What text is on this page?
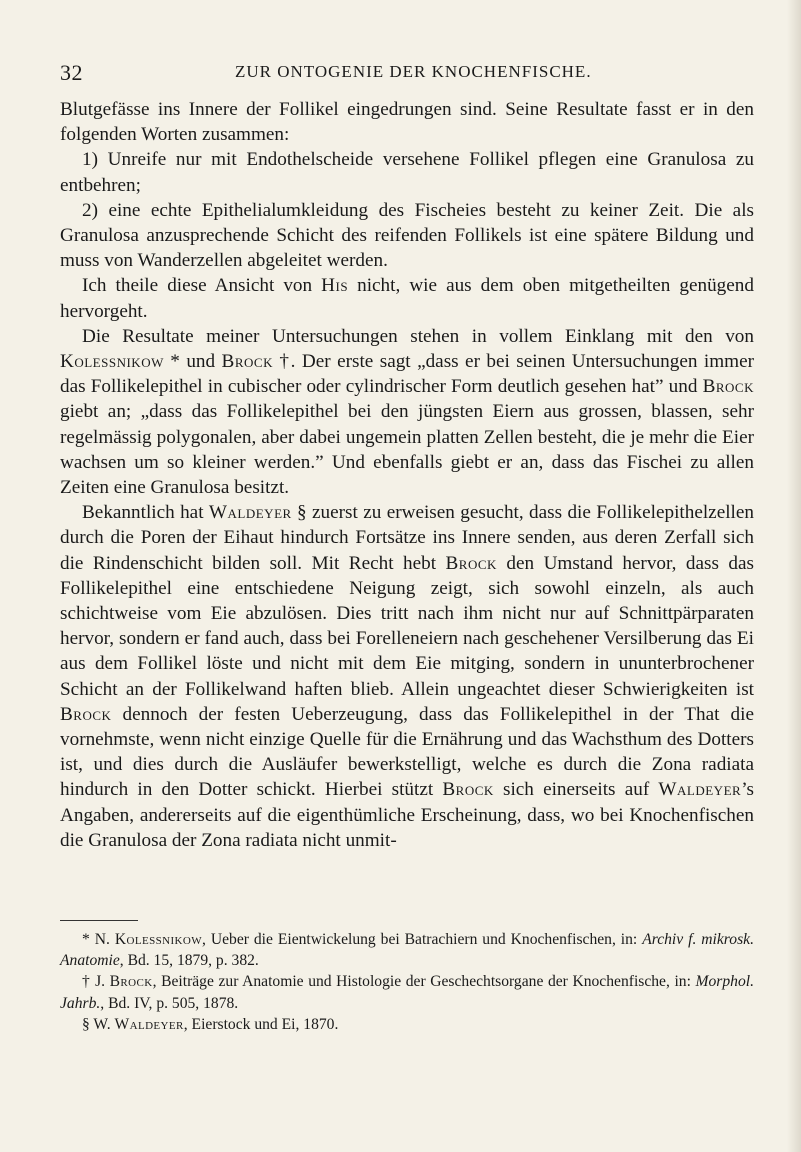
32	ZUR ONTOGENIE DER KNOCHENFISCHE.

Blutgefässe ins Innere der Follikel eingedrungen sind. Seine Resultate fasst er in den folgenden Worten zusammen:

1) Unreife nur mit Endothelscheide versehene Follikel pflegen eine Granulosa zu entbehren;

2) eine echte Epithelialumkleidung des Fischeies besteht zu keiner Zeit. Die als Granulosa anzusprechende Schicht des reifenden Follikels ist eine spätere Bildung und muss von Wanderzellen abgeleitet werden.

Ich theile diese Ansicht von His nicht, wie aus dem oben mitgetheilten genügend hervorgeht.

Die Resultate meiner Untersuchungen stehen in vollem Einklang mit den von Kolessnikow * und Brock †. Der erste sagt „dass er bei seinen Untersuchungen immer das Follikelepithel in cubischer oder cylindrischer Form deutlich gesehen hat” und Brock giebt an; „dass das Follikelepithel bei den jüngsten Eiern aus grossen, blassen, sehr regelmässig polygonalen, aber dabei ungemein platten Zellen besteht, die je mehr die Eier wachsen um so kleiner werden.” Und ebenfalls giebt er an, dass das Fischei zu allen Zeiten eine Granulosa besitzt.

Bekanntlich hat Waldeyer § zuerst zu erweisen gesucht, dass die Follikelepithelzellen durch die Poren der Eihaut hindurch Fortsätze ins Innere senden, aus deren Zerfall sich die Rindenschicht bilden soll. Mit Recht hebt Brock den Umstand hervor, dass das Follikelepithel eine entschiedene Neigung zeigt, sich sowohl einzeln, als auch schichtweise vom Eie abzulösen. Dies tritt nach ihm nicht nur auf Schnittpärparaten hervor, sondern er fand auch, dass bei Forelleneiern nach geschehener Versilberung das Ei aus dem Follikel löste und nicht mit dem Eie mitging, sondern in ununterbrochener Schicht an der Follikelwand haften blieb. Allein ungeachtet dieser Schwierigkeiten ist Brock dennoch der festen Ueberzeugung, dass das Follikelepithel in der That die vornehmste, wenn nicht einzige Quelle für die Ernährung und das Wachsthum des Dotters ist, und dies durch die Ausläufer bewerkstelligt, welche es durch die Zona radiata hindurch in den Dotter schickt. Hierbei stützt Brock sich einerseits auf Waldeyer’s Angaben, andererseits auf die eigenthümliche Erscheinung, dass, wo bei Knochenfischen die Granulosa der Zona radiata nicht unmit-

* N. Kolessnikow, Ueber die Eientwickelung bei Batrachiern und Knochenfischen, in: Archiv f. mikrosk. Anatomie, Bd. 15, 1879, p. 382.

† J. Brock, Beiträge zur Anatomie und Histologie der Geschechtsorgane der Knochenfische, in: Morphol. Jahrb., Bd. IV, p. 505, 1878.

§ W. Waldeyer, Eierstock und Ei, 1870.
